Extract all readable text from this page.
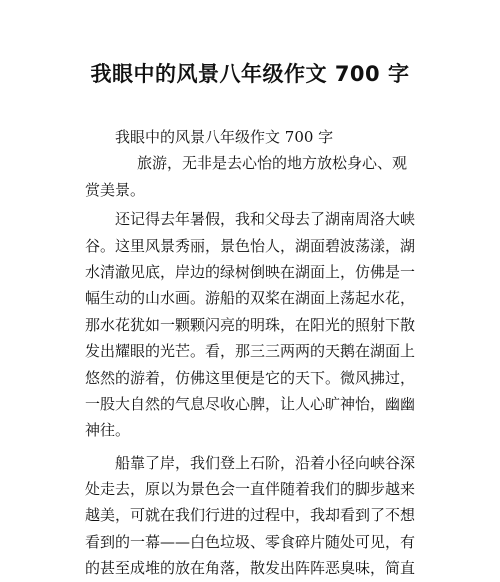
我眼中的风景八年级作文 700 字
我眼中的风景八年级作文 700 字
旅游，无非是去心怡的地方放松身心、观
赏美景。
还记得去年暑假，我和父母去了湖南周洛大峡
谷。这里风景秀丽，景色怡人，湖面碧波荡漾，湖
水清澈见底，岸边的绿树倒映在湖面上，仿佛是一
幅生动的山水画。游船的双桨在湖面上荡起水花，
那水花犹如一颗颗闪亮的明珠，在阳光的照射下散
发出耀眼的光芒。看，那三三两两的天鹅在湖面上
悠然的游着，仿佛这里便是它的天下。微风拂过，
一股大自然的气息尽收心脾，让人心旷神怡，幽幽
神往。
船靠了岸，我们登上石阶，沿着小径向峡谷深
处走去，原以为景色会一直伴随着我们的脚步越来
越美，可就在我们行进的过程中，我却看到了不想
看到的一幕——白色垃圾、零食碎片随处可见，有
的甚至成堆的放在角落，散发出阵阵恶臭味，简直
